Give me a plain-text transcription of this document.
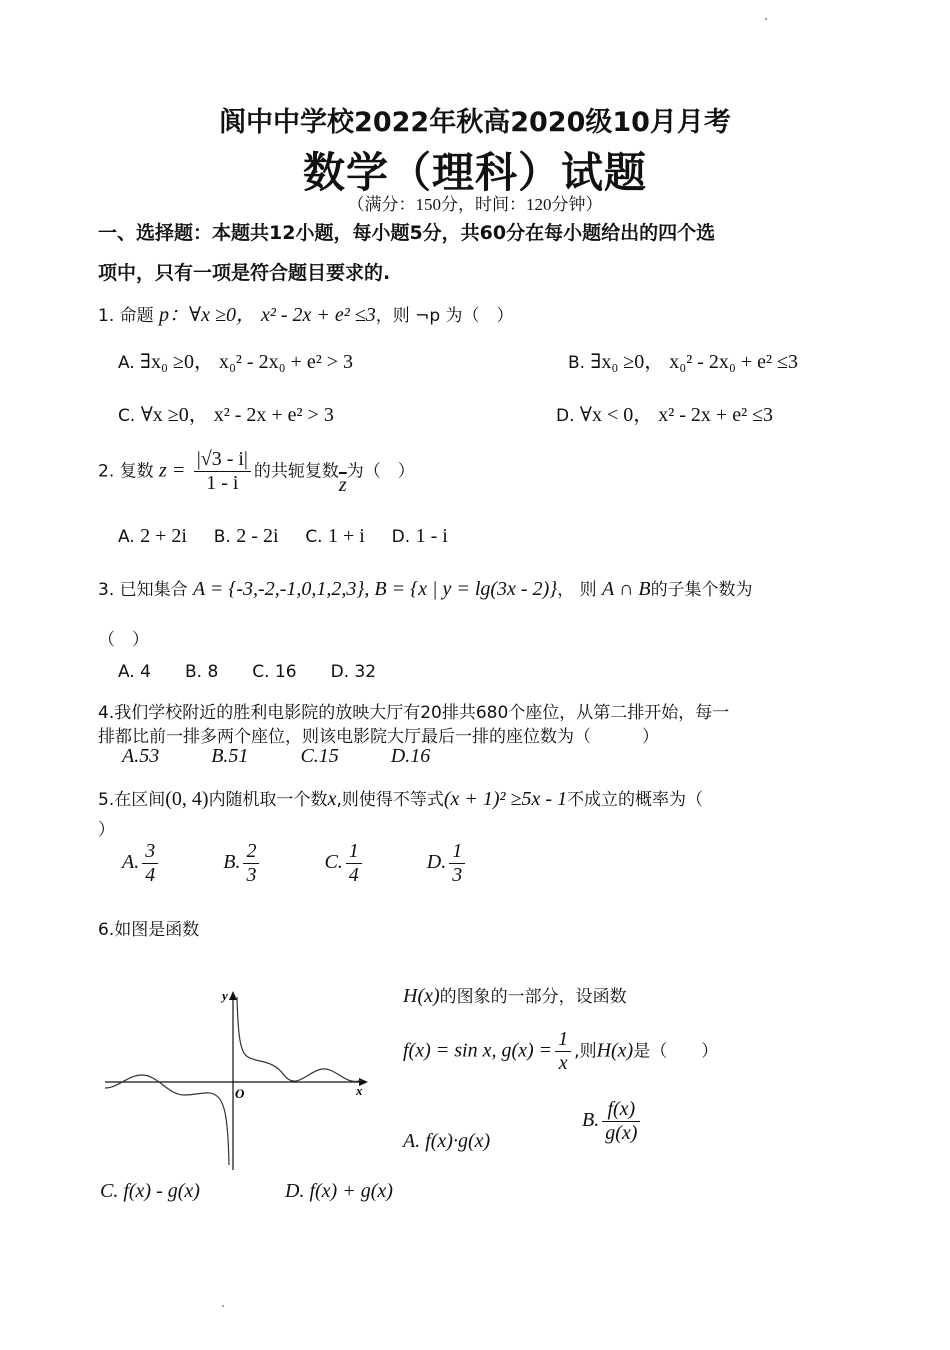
阆中中学校2022年秋高2020级10月月考
数学（理科）试题
（满分：150分，时间：120分钟）
一、选择题：本题共12小题，每小题5分，共60分在每小题给出的四个选
项中，只有一项是符合题目要求的.
1. 命题 p：∀x ≥0， x² - 2x + e² ≤3，则 ¬p 为（　）
A. ∃x₀ ≥0， x₀² - 2x₀ + e² > 3	B. ∃x₀ ≥0， x₀² - 2x₀ + e² ≤3
C. ∀x ≥0， x² - 2x + e² > 3	D. ∀x < 0， x² - 2x + e² ≤3
2. 复数 $z = \frac{|√3 - i|}{1 - i}$ 的共轭复数$\overline{z}$为（　）
A. 2 + 2i B. 2 - 2i C. 1 + i D. 1 - i
3. 已知集合 A = {-3,-2,-1,0,1,2,3}, B = {x | y = lg(3x - 2)}， 则 A ∩ B的子集个数为
（　）
A. 4 B. 8 C. 16 D. 32
4.我们学校附近的胜利电影院的放映大厅有20排共680个座位，从第二排开始，每一
排都比前一排多两个座位，则该电影院大厅最后一排的座位数为（　　　）
A.53	B.51	C.15	D.16
5.在区间(0, 4)内随机取一个数x,则使得不等式(x + 1)² ≥5x - 1不成立的概率为（
）
A. $\frac{3}{4}$	B. $\frac{2}{3}$	C. $\frac{1}{4}$	D. $\frac{1}{3}$
6.如图是函数
y
x
O
H(x)的图象的一部分，设函数
f(x) = sin x, $g(x) = \frac{1}{x}$ ,则H(x)是（　　）
A. f(x)·g(x)
B. $\frac{f(x)}{g(x)}$
C. f(x) - g(x)	D. f(x) + g(x)
